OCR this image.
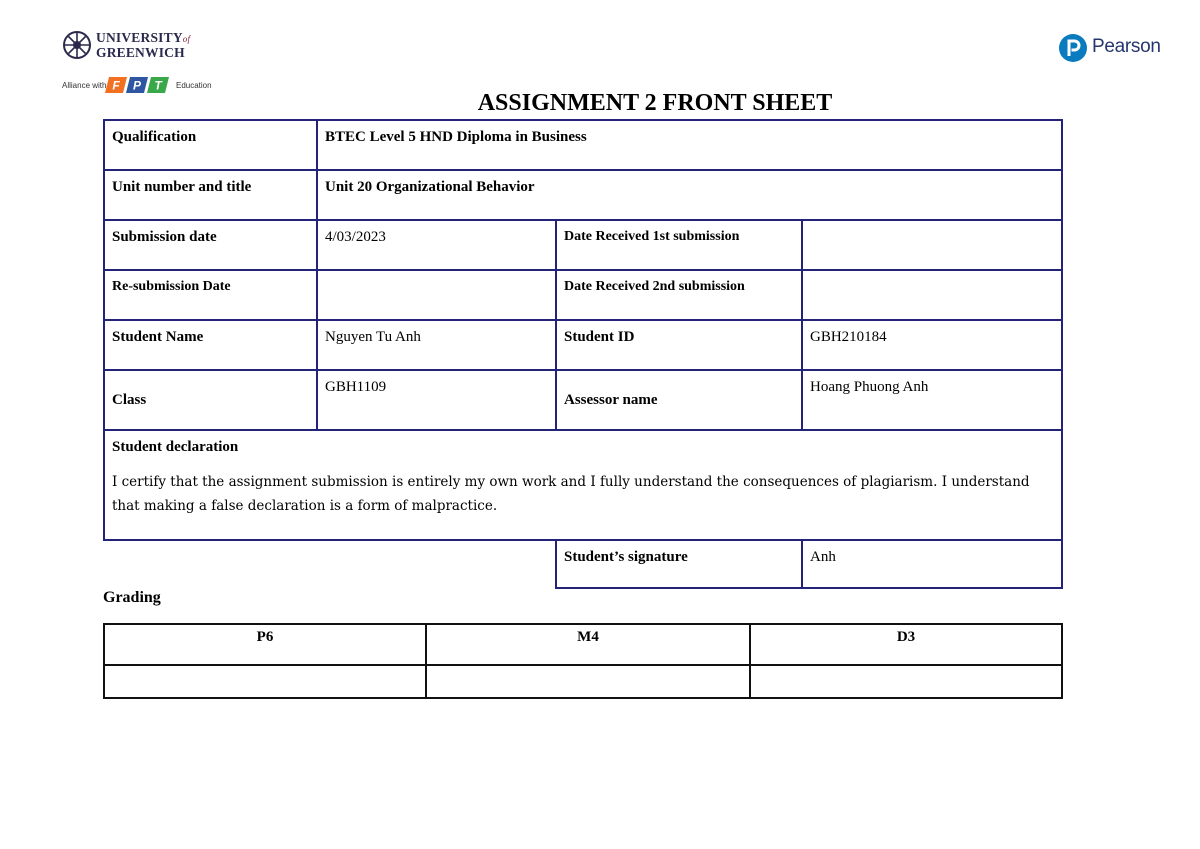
UNIVERSITYof
GREENWICH
Alliance with F P T Education
Pearson
ASSIGNMENT 2 FRONT SHEET
Qualification	BTEC Level 5 HND Diploma in Business		
Unit number and title	Unit 20 Organizational Behavior		
Submission date	4/03/2023	Date Received 1st submission	
Re-submission Date		Date Received 2nd submission	
Student Name	Nguyen Tu Anh	Student ID	GBH210184
Class	GBH1109	Assessor name	Hoang Phuong Anh

Student declaration
I certify that the assignment submission is entirely my own work and I fully understand the consequences of plagiarism. I understand that making a false declaration is a form of malpractice.			

		Student’s signature	Anh
Grading
P6	M4	D3
